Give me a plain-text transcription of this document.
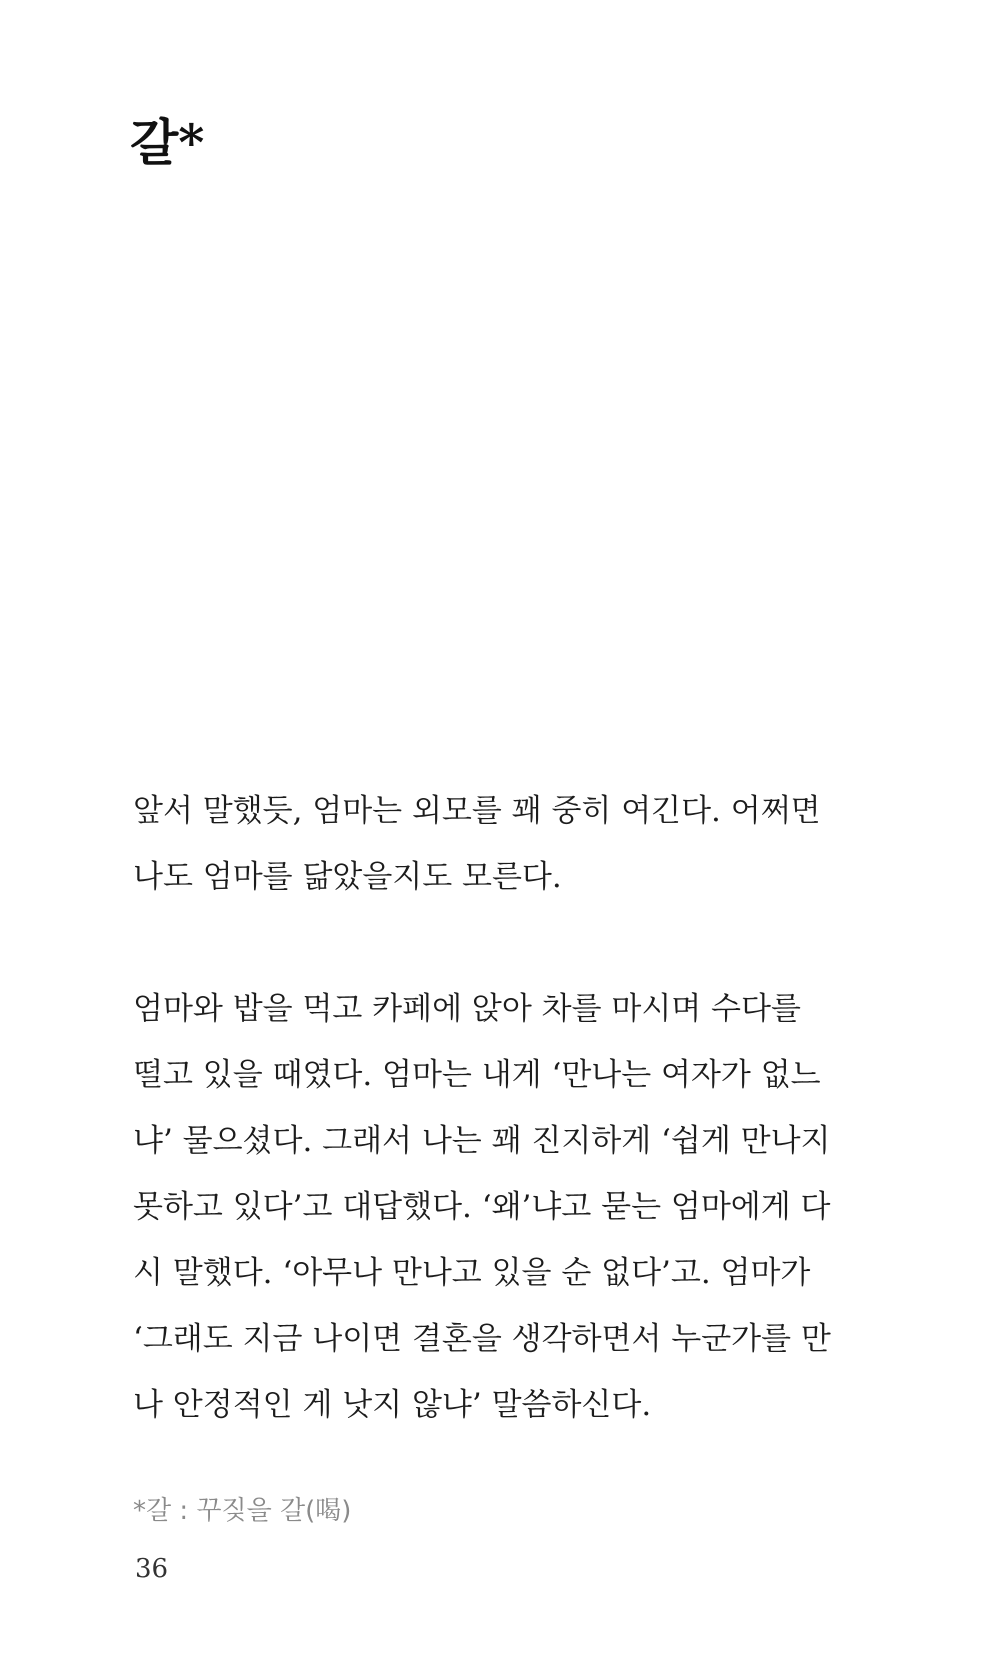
갈*
앞서 말했듯, 엄마는 외모를 꽤 중히 여긴다. 어쩌면
나도 엄마를 닮았을지도 모른다.
엄마와 밥을 먹고 카페에 앉아 차를 마시며 수다를
떨고 있을 때였다. 엄마는 내게 ‘만나는 여자가 없느
냐’ 물으셨다. 그래서 나는 꽤 진지하게 ‘쉽게 만나지
못하고 있다’고 대답했다. ‘왜’냐고 묻는 엄마에게 다
시 말했다. ‘아무나 만나고 있을 순 없다’고. 엄마가
‘그래도 지금 나이면 결혼을 생각하면서 누군가를 만
나 안정적인 게 낫지 않냐’ 말씀하신다.
*갈 : 꾸짖을 갈(喝)
36
